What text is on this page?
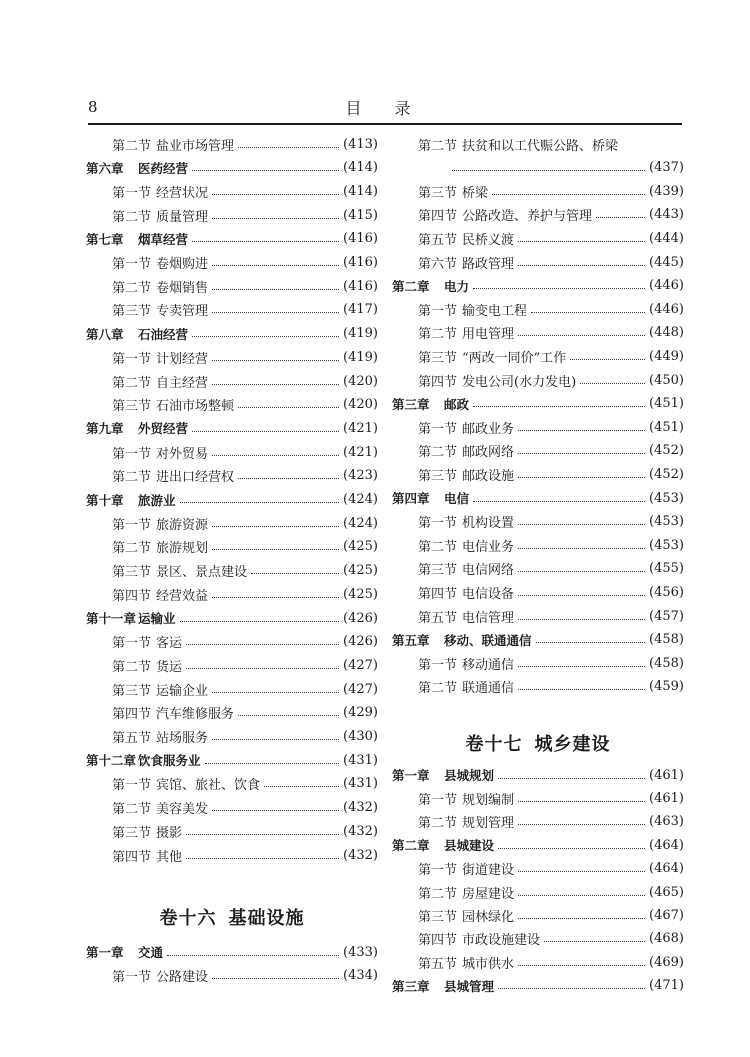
8	目 录
第二节 盐业市场管理	(413)
第六章	医药经营	(414)
第一节 经营状况	(414)
第二节 质量管理	(415)
第七章	烟草经营	(416)
第一节 卷烟购进	(416)
第二节 卷烟销售	(416)
第三节 专卖管理	(417)
第八章	石油经营	(419)
第一节 计划经营	(419)
第二节 自主经营	(420)
第三节 石油市场整顿	(420)
第九章	外贸经营	(421)
第一节 对外贸易	(421)
第二节 进出口经营权	(423)
第十章	旅游业	(424)
第一节 旅游资源	(424)
第二节 旅游规划	(425)
第三节 景区、景点建设	(425)
第四节 经营效益	(425)
第十一章 运输业	(426)
第一节 客运	(426)
第二节 货运	(427)
第三节 运输企业	(427)
第四节 汽车维修服务	(429)
第五节 站场服务	(430)
第十二章 饮食服务业	(431)
第一节 宾馆、旅社、饮食	(431)
第二节 美容美发	(432)
第三节 摄影	(432)
第四节 其他	(432)
卷十六 基础设施
第一章	交通	(433)
第一节 公路建设	(434)
第二节 扶贫和以工代赈公路、桥梁
(437)
第三节 桥梁	(439)
第四节 公路改造、养护与管理	(443)
第五节 民桥义渡	(444)
第六节 路政管理	(445)
第二章	电力	(446)
第一节 输变电工程	(446)
第二节 用电管理	(448)
第三节 “两改一同价”工作	(449)
第四节 发电公司(水力发电)	(450)
第三章	邮政	(451)
第一节 邮政业务	(451)
第二节 邮政网络	(452)
第三节 邮政设施	(452)
第四章	电信	(453)
第一节 机构设置	(453)
第二节 电信业务	(453)
第三节 电信网络	(455)
第四节 电信设备	(456)
第五节 电信管理	(457)
第五章	移动、联通通信	(458)
第一节 移动通信	(458)
第二节 联通通信	(459)
卷十七 城乡建设
第一章	县城规划	(461)
第一节 规划编制	(461)
第二节 规划管理	(463)
第二章	县城建设	(464)
第一节 街道建设	(464)
第二节 房屋建设	(465)
第三节 园林绿化	(467)
第四节 市政设施建设	(468)
第五节 城市供水	(469)
第三章	县城管理	(471)
